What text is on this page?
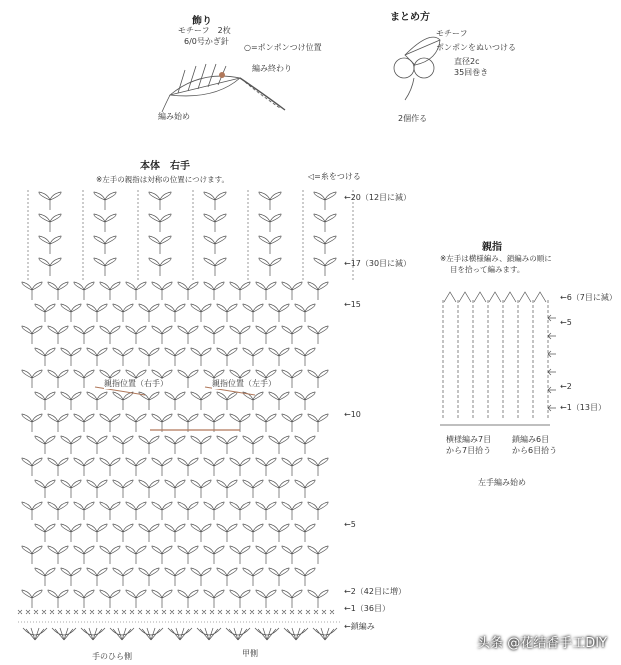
飾り
モチーフ　2枚
6/0号かぎ針
○=ポンポンつけ位置
編み終わり
編み始め
まとめ方
モチーフ
ポンポンをぬいつける
直径2c
35回巻き
2個作る
本体　右手
※左手の親指は対称の位置につけます。	◁=糸をつける
親指位置（右手）	親指位置（左手）
←20（12目に減）
←17（30目に減）
←15
←10
←5
←2（42目に増）
←1（36目）
←鎖編み
手のひら側	甲側
親指
※左手は横様編み、鎖編みの順に
目を拾って編みます。
←6（7目に減）
←5
←2
←1（13目）
横様編み7目
から7目拾う
鎖編み6目
から6目拾う
左手編み始め
头条 @花结香手工DIY
